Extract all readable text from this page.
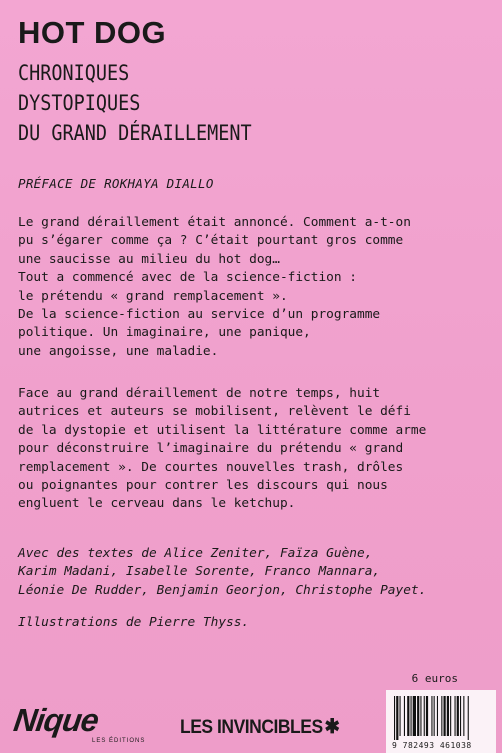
HOT DOG
CHRONIQUES
DYSTOPIQUES
DU GRAND DÉRAILLEMENT
PRÉFACE DE ROKHAYA DIALLO
Le grand déraillement était annoncé. Comment a-t-on
pu s’égarer comme ça ? C’était pourtant gros comme
une saucisse au milieu du hot dog…
Tout a commencé avec de la science-fiction :
le prétendu « grand remplacement ».
De la science-fiction au service d’un programme
politique. Un imaginaire, une panique,
une angoisse, une maladie.
Face au grand déraillement de notre temps, huit
autrices et auteurs se mobilisent, relèvent le défi
de la dystopie et utilisent la littérature comme arme
pour déconstruire l’imaginaire du prétendu « grand
remplacement ». De courtes nouvelles trash, drôles
ou poignantes pour contrer les discours qui nous
engluent le cerveau dans le ketchup.
Avec des textes de Alice Zeniter, Faïza Guène,
Karim Madani, Isabelle Sorente, Franco Mannara,
Léonie De Rudder, Benjamin Georjon, Christophe Payet.
Illustrations de Pierre Thyss.
6 euros
Nique
LES ÉDITIONS
LES INVINCIBLES✱
9 782493 461038
